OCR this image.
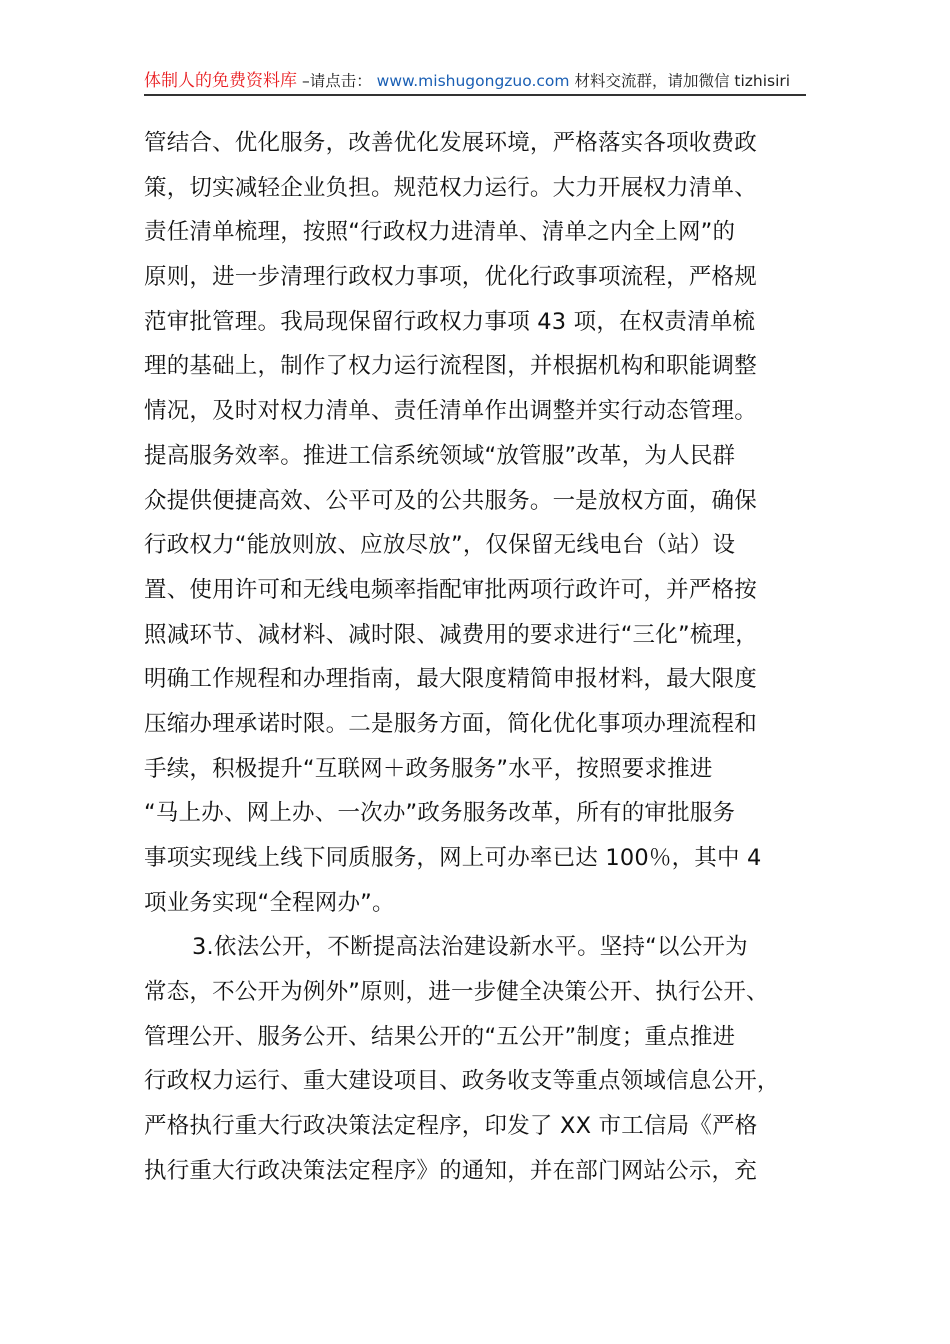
体制人的免费资料库 –请点击： www.mishugongzuo.com 材料交流群，请加微信 tizhisiri
管结合、优化服务，改善优化发展环境，严格落实各项收费政
策，切实减轻企业负担。规范权力运行。大力开展权力清单、
责任清单梳理，按照“行政权力进清单、清单之内全上网”的
原则，进一步清理行政权力事项，优化行政事项流程，严格规
范审批管理。我局现保留行政权力事项 43 项，在权责清单梳
理的基础上，制作了权力运行流程图，并根据机构和职能调整
情况，及时对权力清单、责任清单作出调整并实行动态管理。
提高服务效率。推进工信系统领域“放管服”改革，为人民群
众提供便捷高效、公平可及的公共服务。一是放权方面，确保
行政权力“能放则放、应放尽放”，仅保留无线电台（站）设
置、使用许可和无线电频率指配审批两项行政许可，并严格按
照减环节、减材料、减时限、减费用的要求进行“三化”梳理，
明确工作规程和办理指南，最大限度精简申报材料，最大限度
压缩办理承诺时限。二是服务方面，简化优化事项办理流程和
手续，积极提升“互联网＋政务服务”水平，按照要求推进
“马上办、网上办、一次办”政务服务改革，所有的审批服务
事项实现线上线下同质服务，网上可办率已达 100％，其中 4
项业务实现“全程网办”。
3.依法公开，不断提高法治建设新水平。坚持“以公开为
常态，不公开为例外”原则，进一步健全决策公开、执行公开、
管理公开、服务公开、结果公开的“五公开”制度；重点推进
行政权力运行、重大建设项目、政务收支等重点领域信息公开，
严格执行重大行政决策法定程序，印发了 XX 市工信局《严格
执行重大行政决策法定程序》的通知，并在部门网站公示，充
